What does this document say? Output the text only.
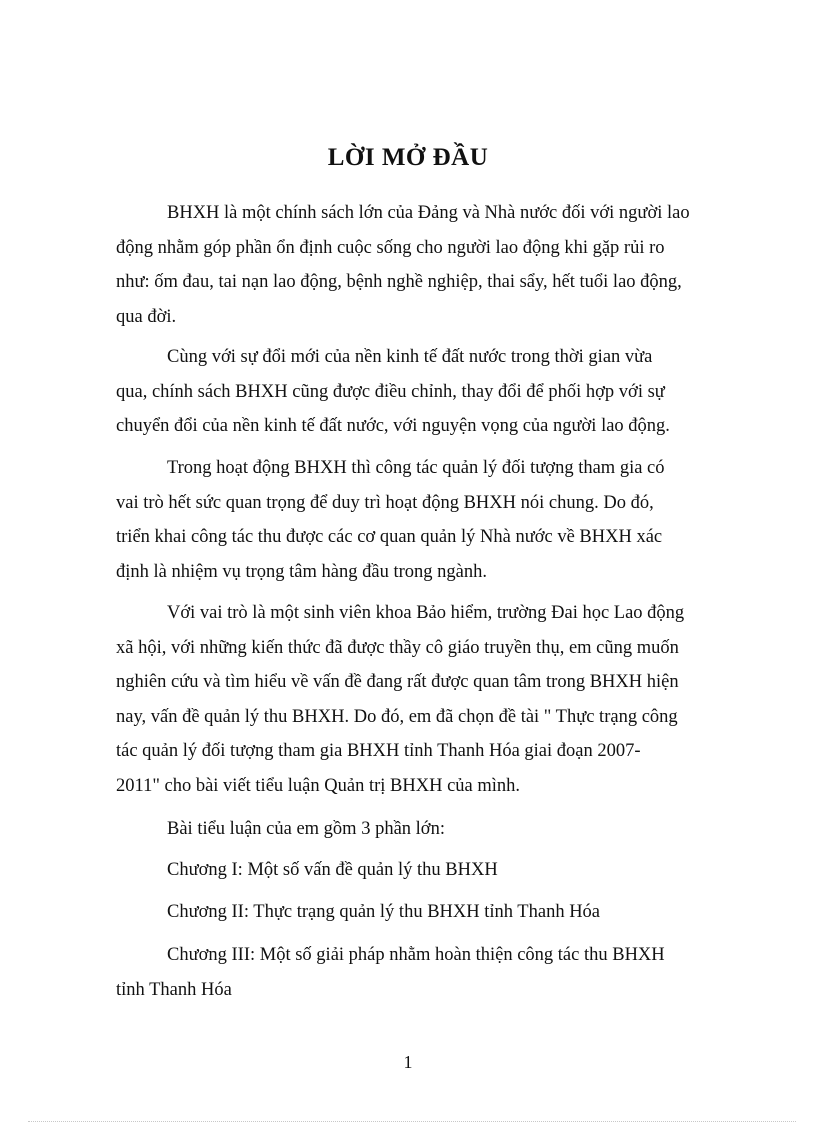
LỜI MỞ ĐẦU
BHXH là một chính sách lớn của Đảng và Nhà nước đối với người lao
động nhằm góp phần ổn định cuộc sống cho người lao động khi gặp rủi ro
như: ốm đau, tai nạn lao động, bệnh nghề nghiệp, thai sẩy, hết tuổi lao động,
qua đời.
Cùng với sự đổi mới của nền kinh tế đất nước trong thời gian vừa
qua, chính sách BHXH cũng được điều chỉnh, thay đổi để phối hợp với sự
chuyển đổi của nền kinh tế đất nước, với nguyện vọng của người lao động.
Trong hoạt động BHXH thì công tác quản lý đối tượng tham gia có
vai trò hết sức quan trọng để duy trì hoạt động BHXH nói chung. Do đó,
triển khai công tác thu được các cơ quan quản lý Nhà nước về BHXH xác
định là nhiệm vụ trọng tâm hàng đầu trong ngành.
Với vai trò là một sinh viên khoa Bảo hiểm, trường Đai học Lao động
xã hội, với những kiến thức đã được thầy cô giáo truyền thụ, em cũng muốn
nghiên cứu và tìm hiểu về vấn đề đang rất được quan tâm trong BHXH hiện
nay, vấn đề quản lý thu BHXH. Do đó, em đã chọn đề tài " Thực trạng công
tác quản lý đối tượng tham gia BHXH tỉnh Thanh Hóa giai đoạn 2007-
2011" cho bài viết tiểu luận Quản trị BHXH của mình.
Bài tiểu luận của em gồm 3 phần lớn:
Chương I: Một số vấn đề quản lý thu BHXH
Chương II: Thực trạng quản lý thu BHXH tỉnh Thanh Hóa
Chương III: Một số giải pháp nhằm hoàn thiện công tác thu BHXH
tỉnh Thanh Hóa
1
